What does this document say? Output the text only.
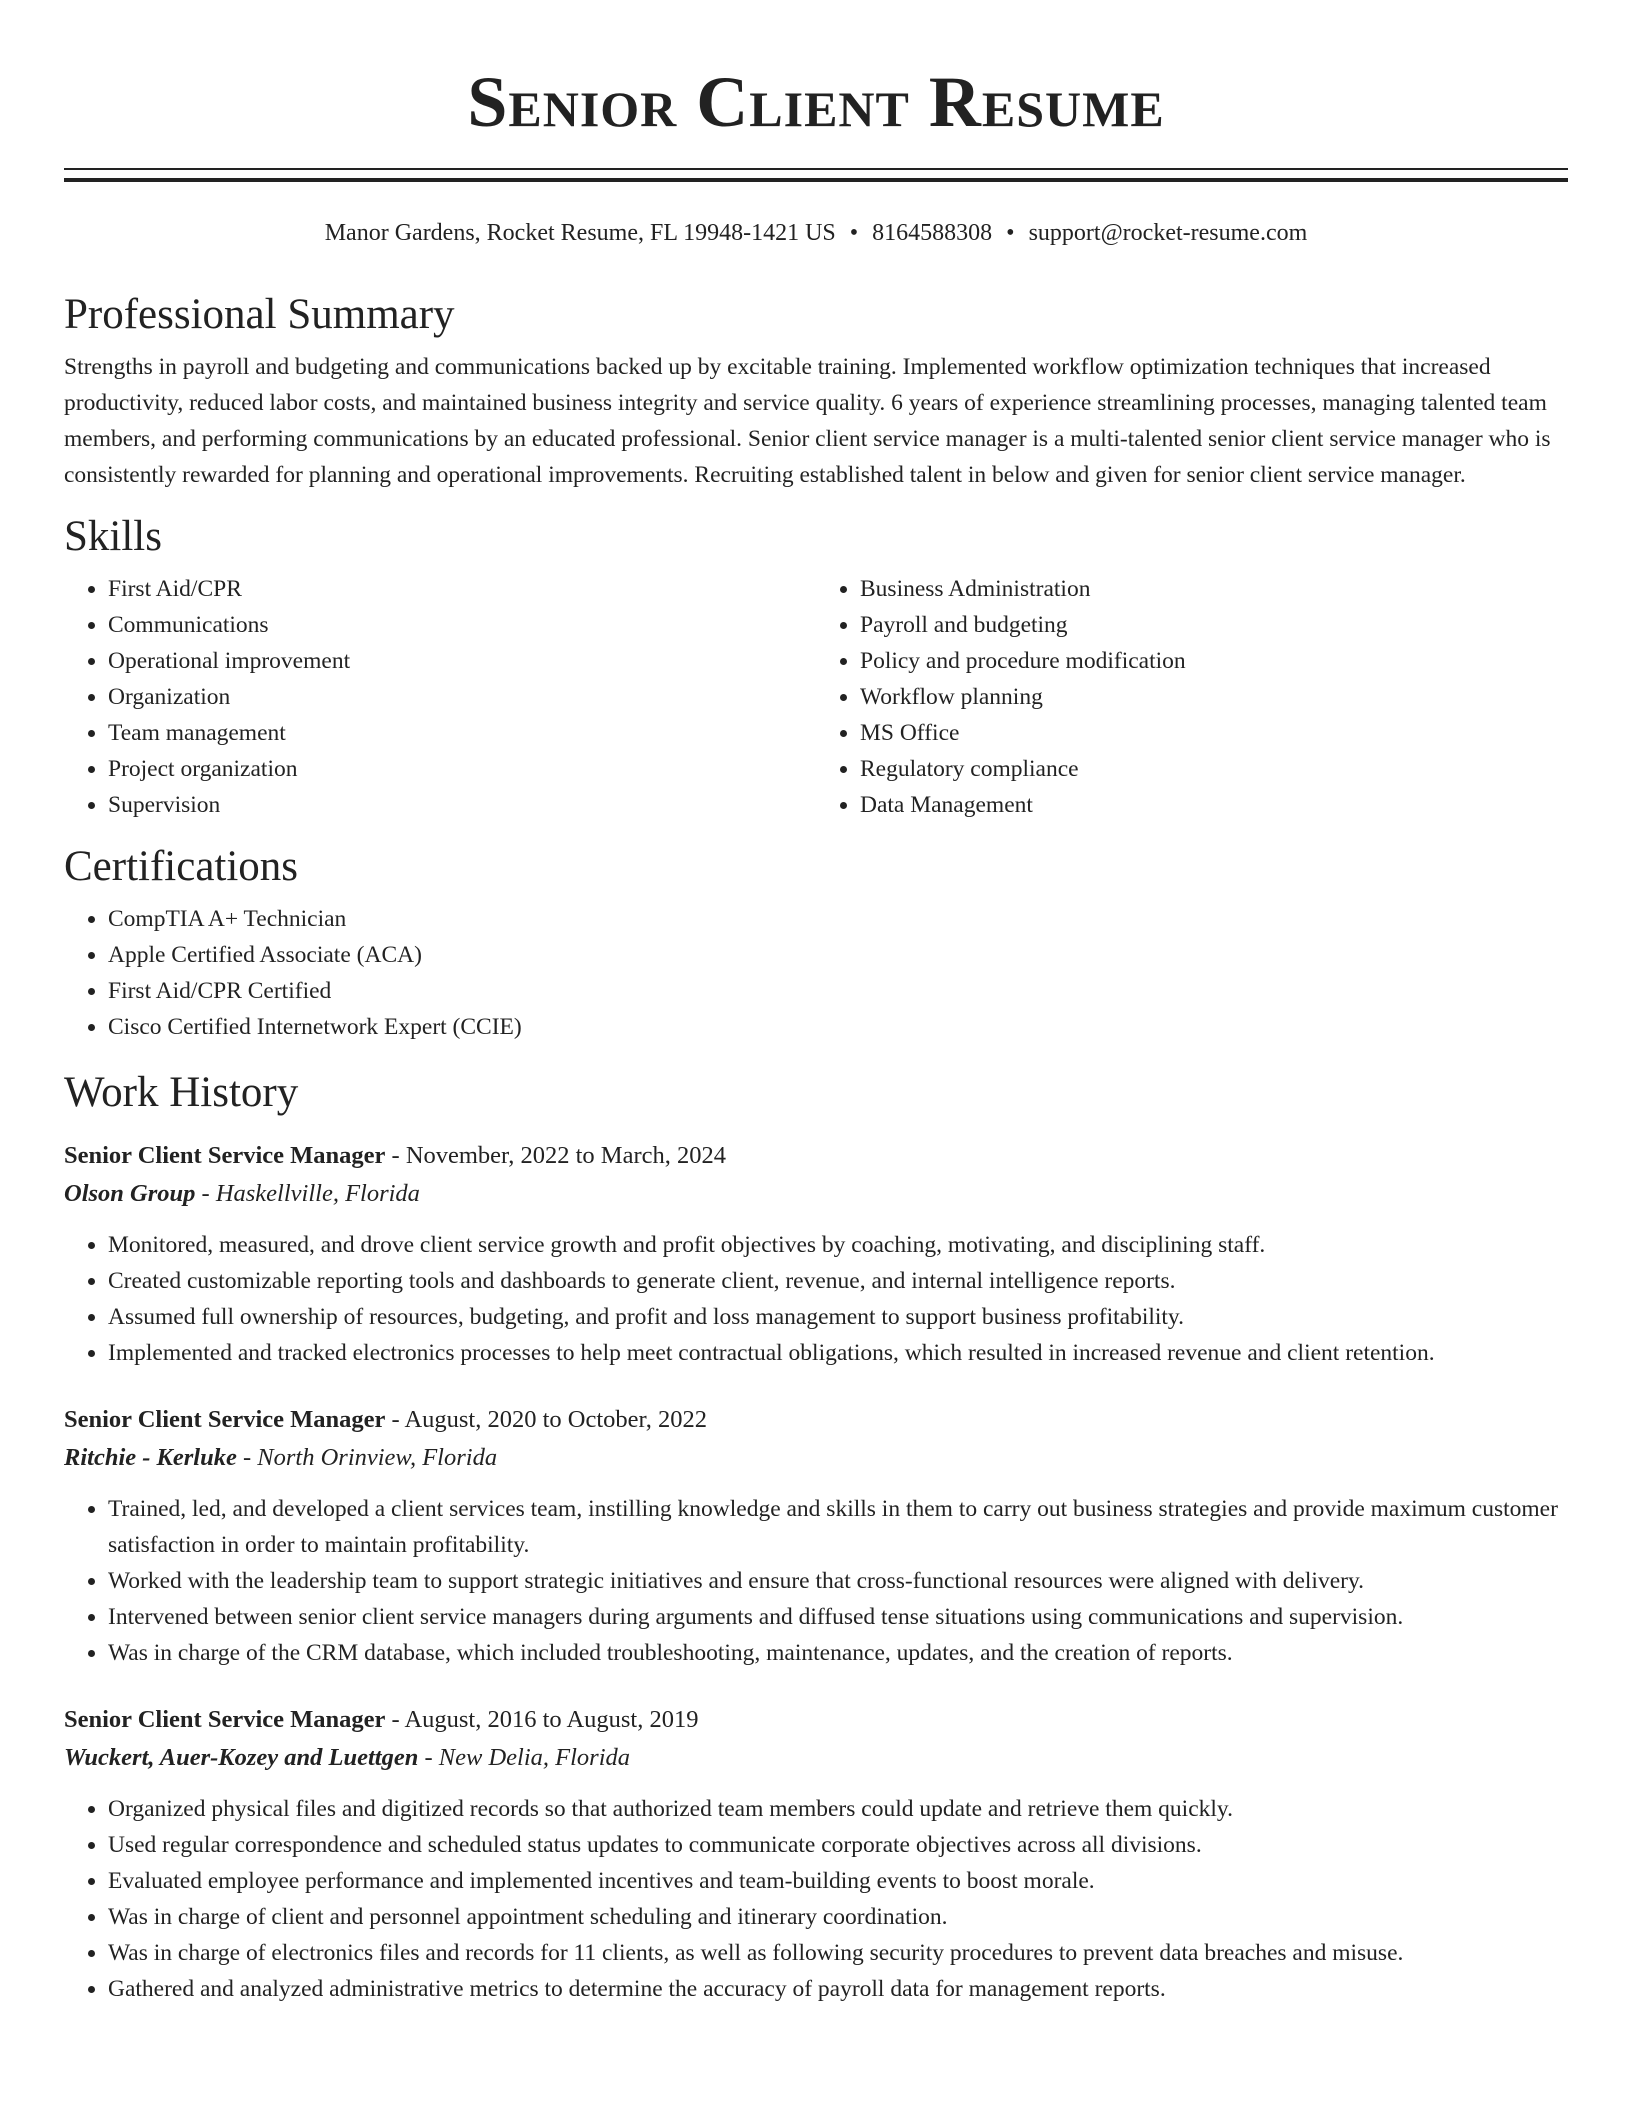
Senior Client Resume
Manor Gardens, Rocket Resume, FL 19948-1421 US • 8164588308 • support@rocket-resume.com
Professional Summary

Strengths in payroll and budgeting and communications backed up by excitable training. Implemented workflow optimization techniques that increased productivity, reduced labor costs, and maintained business integrity and service quality. 6 years of experience streamlining processes, managing talented team members, and performing communications by an educated professional. Senior client service manager is a multi-talented senior client service manager who is consistently rewarded for planning and operational improvements. Recruiting established talent in below and given for senior client service manager.

Skills
• First Aid/CPR
• Communications
• Operational improvement
• Organization
• Team management
• Project organization
• Supervision
• Business Administration
• Payroll and budgeting
• Policy and procedure modification
• Workflow planning
• MS Office
• Regulatory compliance
• Data Management
Certifications
• CompTIA A+ Technician
• Apple Certified Associate (ACA)
• First Aid/CPR Certified
• Cisco Certified Internetwork Expert (CCIE)
Work History
Senior Client Service Manager - November, 2022 to March, 2024
Olson Group - Haskellville, Florida
• Monitored, measured, and drove client service growth and profit objectives by coaching, motivating, and disciplining staff.
• Created customizable reporting tools and dashboards to generate client, revenue, and internal intelligence reports.
• Assumed full ownership of resources, budgeting, and profit and loss management to support business profitability.
• Implemented and tracked electronics processes to help meet contractual obligations, which resulted in increased revenue and client retention.
Senior Client Service Manager - August, 2020 to October, 2022
Ritchie - Kerluke - North Orinview, Florida
• Trained, led, and developed a client services team, instilling knowledge and skills in them to carry out business strategies and provide maximum customer satisfaction in order to maintain profitability.
• Worked with the leadership team to support strategic initiatives and ensure that cross-functional resources were aligned with delivery.
• Intervened between senior client service managers during arguments and diffused tense situations using communications and supervision.
• Was in charge of the CRM database, which included troubleshooting, maintenance, updates, and the creation of reports.
Senior Client Service Manager - August, 2016 to August, 2019
Wuckert, Auer-Kozey and Luettgen - New Delia, Florida
• Organized physical files and digitized records so that authorized team members could update and retrieve them quickly.
• Used regular correspondence and scheduled status updates to communicate corporate objectives across all divisions.
• Evaluated employee performance and implemented incentives and team-building events to boost morale.
• Was in charge of client and personnel appointment scheduling and itinerary coordination.
• Was in charge of electronics files and records for 11 clients, as well as following security procedures to prevent data breaches and misuse.
• Gathered and analyzed administrative metrics to determine the accuracy of payroll data for management reports.
